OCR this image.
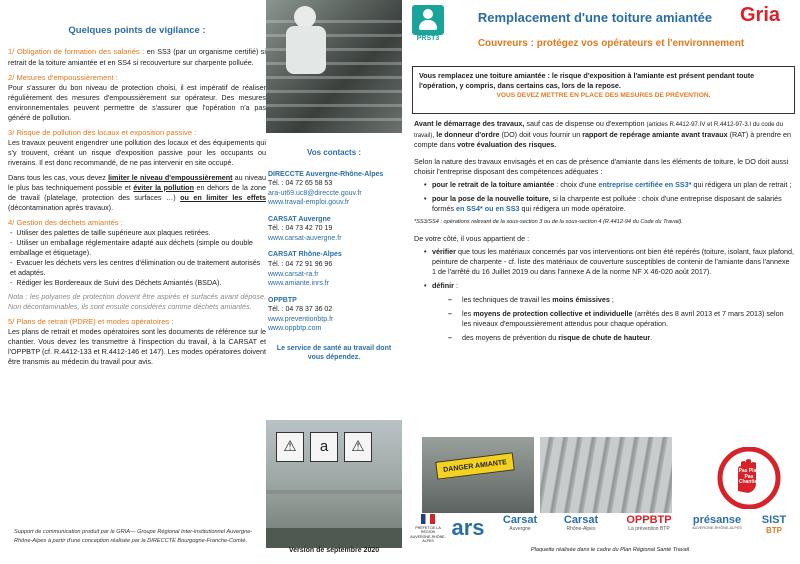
Quelques points de vigilance :

1/ Obligation de formation des salariés : en SS3 (par un organisme certifié) si retrait de la toiture amiantée et en SS4 si recouverture sur charpente polluée.

2/ Mesures d'empoussièrement :

Pour s'assurer du bon niveau de protection choisi, il est impératif de réaliser régulièrement des mesures d'empoussièrement sur opérateur. Des mesures environnementales peuvent permettre de s'assurer que l'opération n'a pas généré de pollution.

3/ Risque de pollution des locaux et exposition passive :

Les travaux peuvent engendrer une pollution des locaux et des équipements qui s'y trouvent, créant un risque d'exposition passive pour les occupants ou riverains. Il est donc recommandé, de ne pas intervenir en site occupé.

Dans tous les cas, vous devez limiter le niveau d'empoussièrement au niveau le plus bas techniquement possible et éviter la pollution en dehors de la zone de travail (platelage, protection des surfaces …) ou en limiter les effets (décontamination après travaux).

4/ Gestion des déchets amiantés :
- Utiliser des palettes de taille supérieure aux plaques retirées.
- Utiliser un emballage réglementaire adapté aux déchets (simple ou double emballage et étiquetage).
- Evacuer les déchets vers les centres d'élimination ou de traitement autorisés et adaptés.
- Rédiger les Bordereaux de Suivi des Déchets Amiantés (BSDA).

Nota : les polyanes de protection doivent être aspirés et surfacés avant dépose. Non décontaminables, ils sont ensuite considérés comme déchets amiantés.

5/ Plans de retrait (PDRE) et modes opératoires :

Les plans de retrait et modes opératoires sont les documents de référence sur le chantier. Vous devez les transmettre à l'inspection du travail, à la CARSAT et l'OPPBTP (cf. R.4412-133 et R.4412-146 et 147). Les modes opératoires doivent être transmis au médecin du travail pour avis.

Support de communication produit par le GRIA— Groupe Régional Inter-institutionnel Auvergne-Rhône-Alpes à partir d'une conception réalisée par la DIRECCTE Bourgogne-Franche-Comté.
Vos contacts :
DIRECCTE Auvergne-Rhône-Alpes
Tél. : 04 72 65 58 53
ara-ut69.uc8@direccte.gouv.fr
www.travail-emploi.gouv.fr
CARSAT Auvergne
Tél. : 04 73 42 70 19
www.carsat-auvergne.fr
CARSAT Rhône-Alpes
Tél. : 04 72 91 96 96
www.carsat-ra.fr
www.amiante.inrs.fr
OPPBTP
Tél. : 04 78 37 36 02
www.preventionbtp.fr
www.oppbtp.com
Le service de santé au travail dont vous dépendez.
⚠	a	⚠
Version de septembre 2020
PRST3
Gria
Remplacement d'une toiture amiantée
Couvreurs : protégez vos opérateurs et l'environnement
Vous remplacez une toiture amiantée : le risque d'exposition à l'amiante est présent pendant toute l'opération, y compris, dans certains cas, lors de la repose.
VOUS DEVEZ METTRE EN PLACE DES MESURES DE PRÉVENTION.

Avant le démarrage des travaux, sauf cas de dispense ou d'exemption (articles R.4412-97.IV et R.4412-97-3.I du code du travail), le donneur d'ordre (DO) doit vous fournir un rapport de repérage amiante avant travaux (RAT) à prendre en compte dans votre évaluation des risques.

Selon la nature des travaux envisagés et en cas de présence d'amiante dans les éléments de toiture, le DO doit aussi choisir l'entreprise disposant des compétences adéquates :

• pour le retrait de la toiture amiantée : choix d'une entreprise certifiée en SS3* qui rédigera un plan de retrait ;
• pour la pose de la nouvelle toiture, si la charpente est polluée : choix d'une entreprise disposant de salariés formés en SS4* ou en SS3 qui rédigera un mode opératoire.

*SS3/SS4 : opérations relevant de la sous-section 3 ou de la sous-section 4 (R.4412-94 du Code du Travail).

De votre côté, il vous appartient de :

• vérifier que tous les matériaux concernés par vos interventions ont bien été repérés (toiture, isolant, faux plafond, peinture de charpente - cf. liste des matériaux de couverture susceptibles de contenir de l'amiante dans l'annexe 1 de l'arrêté du 16 Juillet 2019 ou dans l'annexe A de la norme NF X 46-020 août 2017).
• définir :
– les techniques de travail les moins émissives ;
– les moyens de protection collective et individuelle (arrêtés des 8 avril 2013 et 7 mars 2013) selon les niveaux d'empoussièrement attendus pour chaque opération.
– des moyens de prévention du risque de chute de hauteur.
DANGER AMIANTE	Pas Plan Pas Chantier
PRÉFET DE LA RÉGION AUVERGNE-RHÔNE-ALPES
ars	Carsat
Auvergne
Carsat
Rhône-Alpes
OPPBTP
La prévention BTP
présanse
AUVERGNE-RHÔNE-ALPES
SIST
BTP
Plaquette réalisée dans le cadre du Plan Régional Santé Travail
